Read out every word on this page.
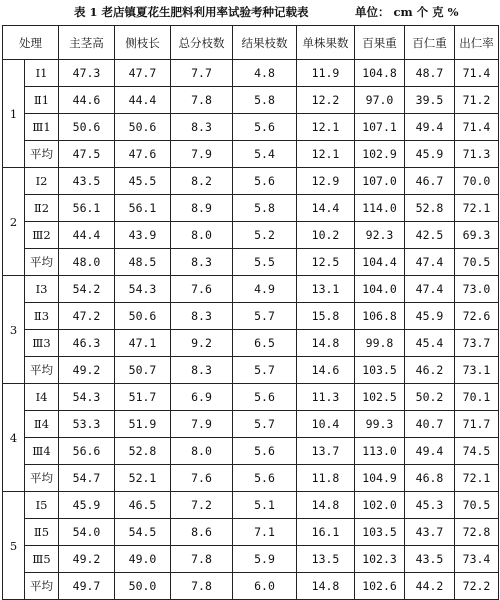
表 1 老店镇夏花生肥料利用率试验考种记载表	单位： cm 个 克 %
处理		主茎高	侧枝长	总分枝数	结果枝数	单株果数	百果重	百仁重	出仁率
1	Ⅰ1	47.3	47.7	7.7	4.8	11.9	104.8	48.7	71.4
	Ⅱ1	44.6	44.4	7.8	5.8	12.2	97.0	39.5	71.2
	Ⅲ1	50.6	50.6	8.3	5.6	12.1	107.1	49.4	71.4
	平均	47.5	47.6	7.9	5.4	12.1	102.9	45.9	71.3
2	Ⅰ2	43.5	45.5	8.2	5.6	12.9	107.0	46.7	70.0
	Ⅱ2	56.1	56.1	8.9	5.8	14.4	114.0	52.8	72.1
	Ⅲ2	44.4	43.9	8.0	5.2	10.2	92.3	42.5	69.3
	平均	48.0	48.5	8.3	5.5	12.5	104.4	47.4	70.5
3	Ⅰ3	54.2	54.3	7.6	4.9	13.1	104.0	47.4	73.0
	Ⅱ3	47.2	50.6	8.3	5.7	15.8	106.8	45.9	72.6
	Ⅲ3	46.3	47.1	9.2	6.5	14.8	99.8	45.4	73.7
	平均	49.2	50.7	8.3	5.7	14.6	103.5	46.2	73.1
4	Ⅰ4	54.3	51.7	6.9	5.6	11.3	102.5	50.2	70.1
	Ⅱ4	53.3	51.9	7.9	5.7	10.4	99.3	40.7	71.7
	Ⅲ4	56.6	52.8	8.0	5.6	13.7	113.0	49.4	74.5
	平均	54.7	52.1	7.6	5.6	11.8	104.9	46.8	72.1
5	Ⅰ5	45.9	46.5	7.2	5.1	14.8	102.0	45.3	70.5
	Ⅱ5	54.0	54.5	8.6	7.1	16.1	103.5	43.7	72.8
	Ⅲ5	49.2	49.0	7.8	5.9	13.5	102.3	43.5	73.4
	平均	49.7	50.0	7.8	6.0	14.8	102.6	44.2	72.2
